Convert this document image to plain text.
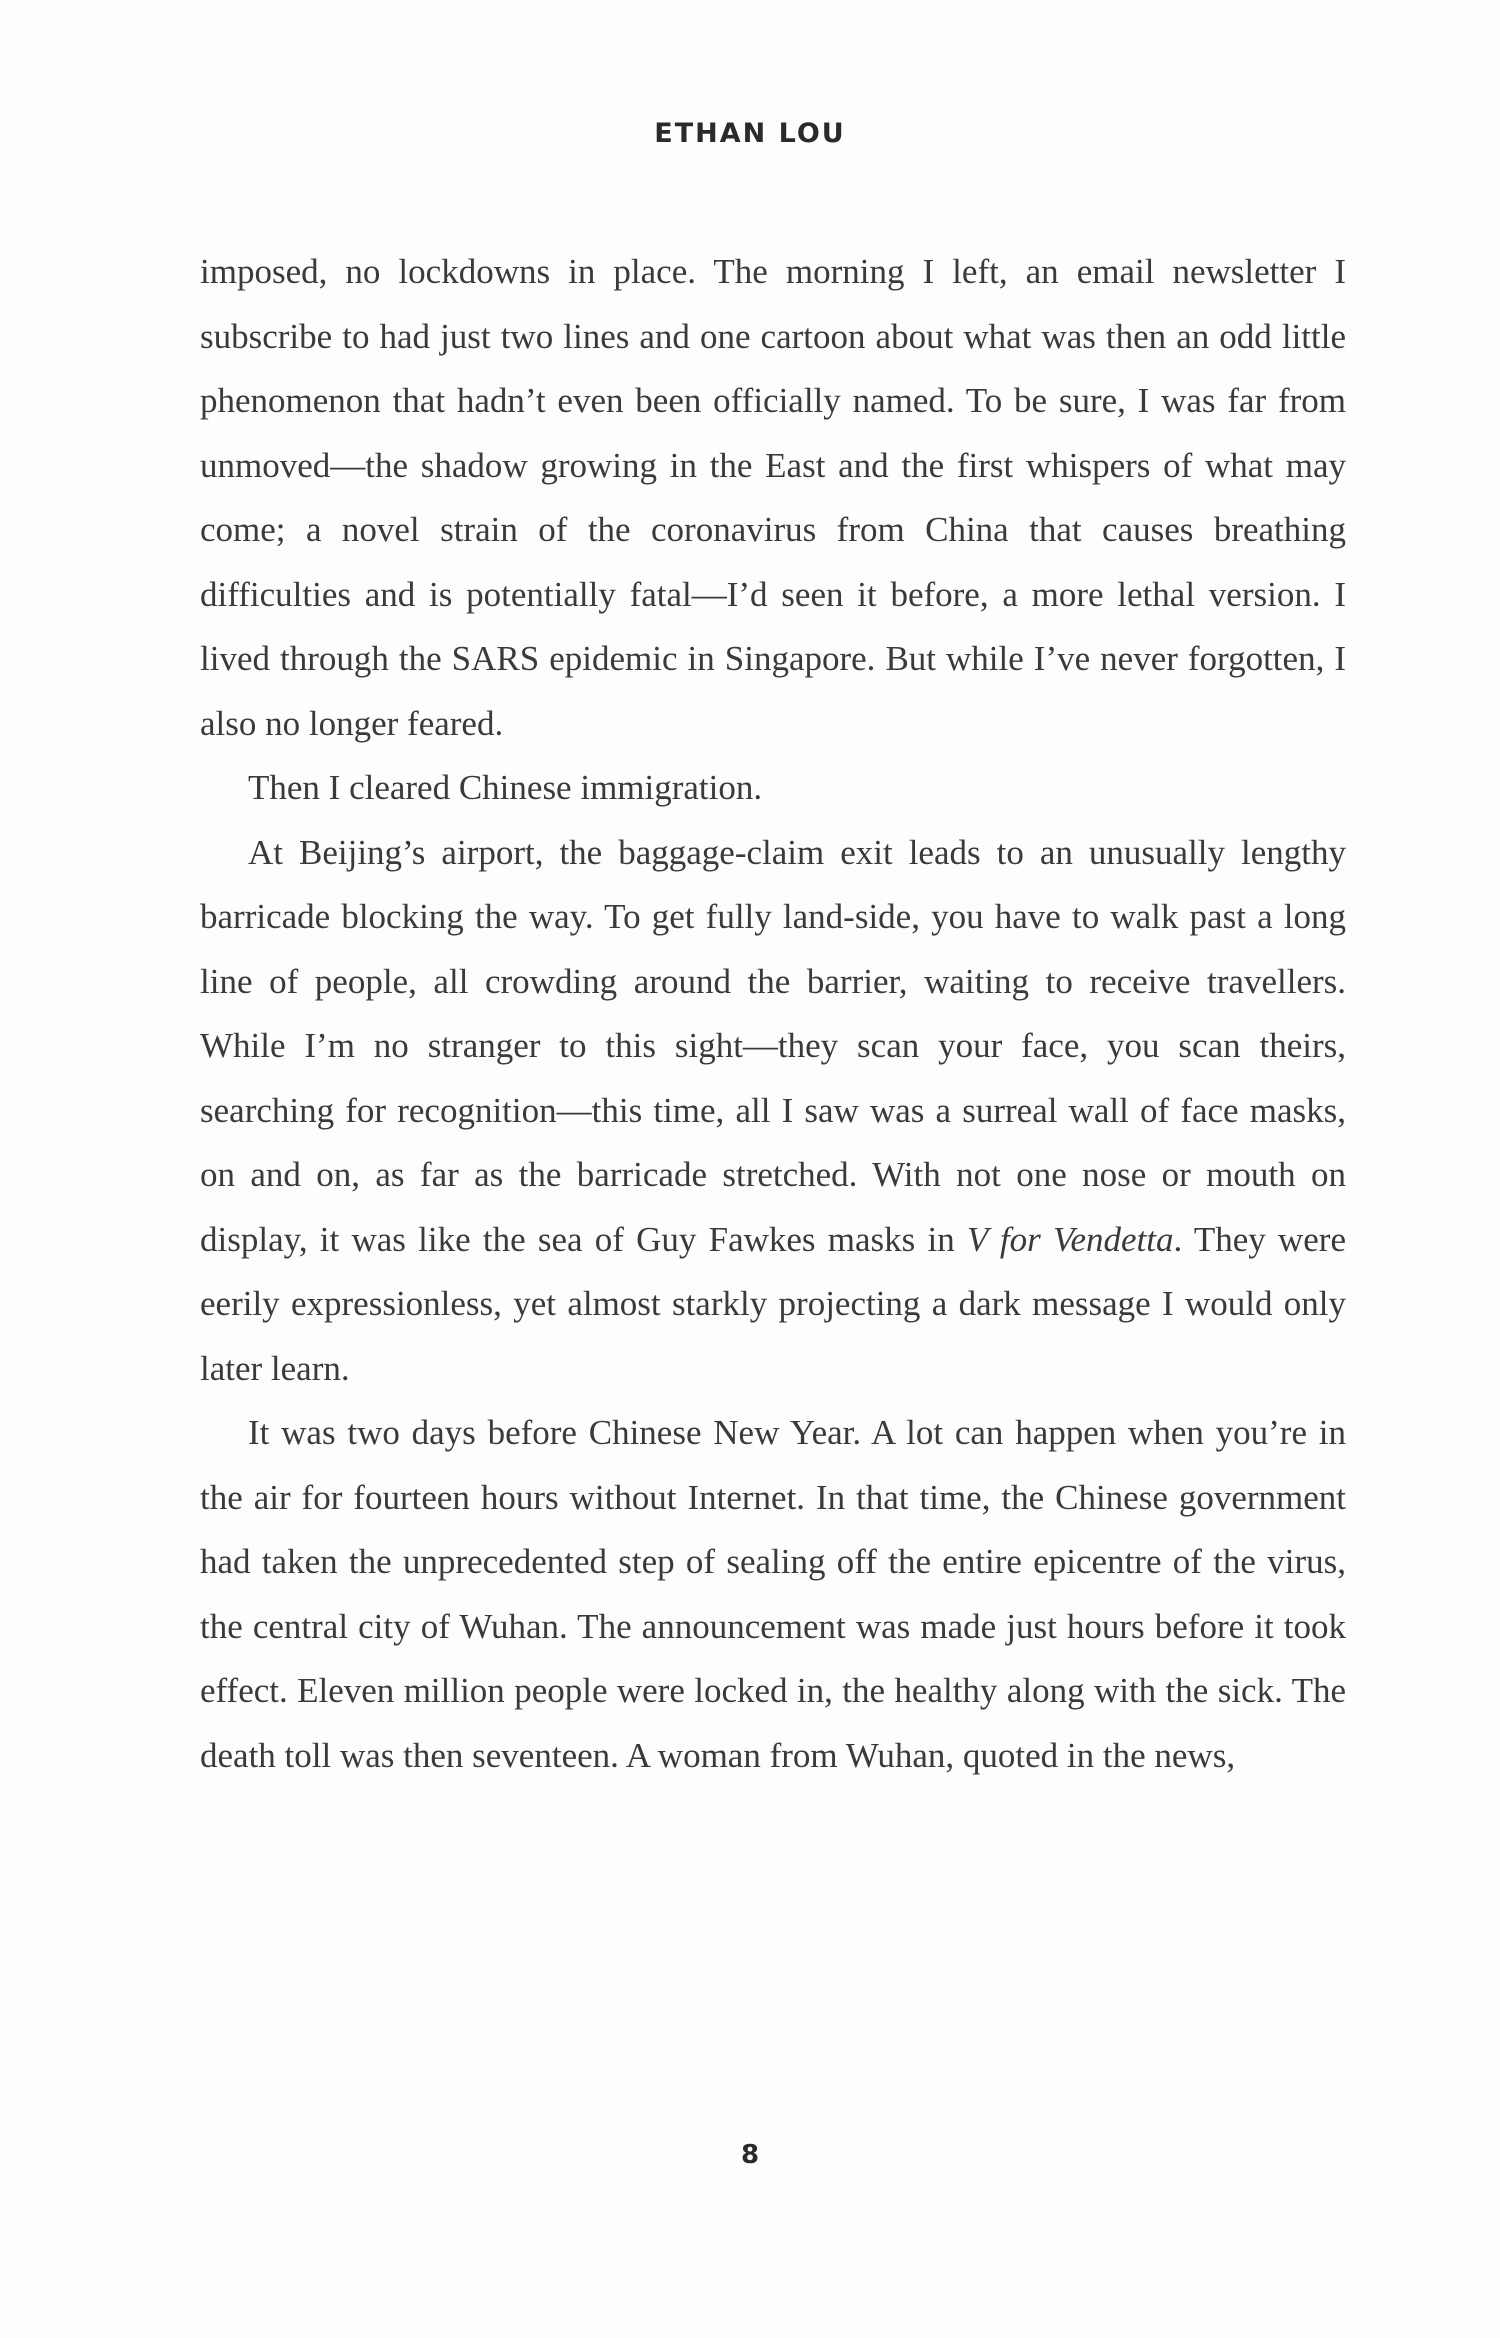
ETHAN LOU

imposed, no lockdowns in place. The morning I left, an email newsletter I subscribe to had just two lines and one cartoon about what was then an odd little phenomenon that hadn’t even been officially named. To be sure, I was far from unmoved—the shadow growing in the East and the first whispers of what may come; a novel strain of the coronavirus from China that causes breathing difficulties and is potentially fatal—I’d seen it before, a more lethal version. I lived through the SARS epidemic in Singapore. But while I’ve never forgotten, I also no longer feared.

Then I cleared Chinese immigration.

At Beijing’s airport, the baggage-claim exit leads to an unusually lengthy barricade blocking the way. To get fully land-side, you have to walk past a long line of people, all crowding around the barrier, waiting to receive travellers. While I’m no stranger to this sight—they scan your face, you scan theirs, searching for recognition—this time, all I saw was a surreal wall of face masks, on and on, as far as the barricade stretched. With not one nose or mouth on display, it was like the sea of Guy Fawkes masks in V for Vendetta. They were eerily expressionless, yet almost starkly projecting a dark message I would only later learn.

It was two days before Chinese New Year. A lot can happen when you’re in the air for fourteen hours without Internet. In that time, the Chinese government had taken the unprecedented step of sealing off the entire epicentre of the virus, the central city of Wuhan. The announcement was made just hours before it took effect. Eleven million people were locked in, the healthy along with the sick. The death toll was then seventeen. A woman from Wuhan, quoted in the news,

8
